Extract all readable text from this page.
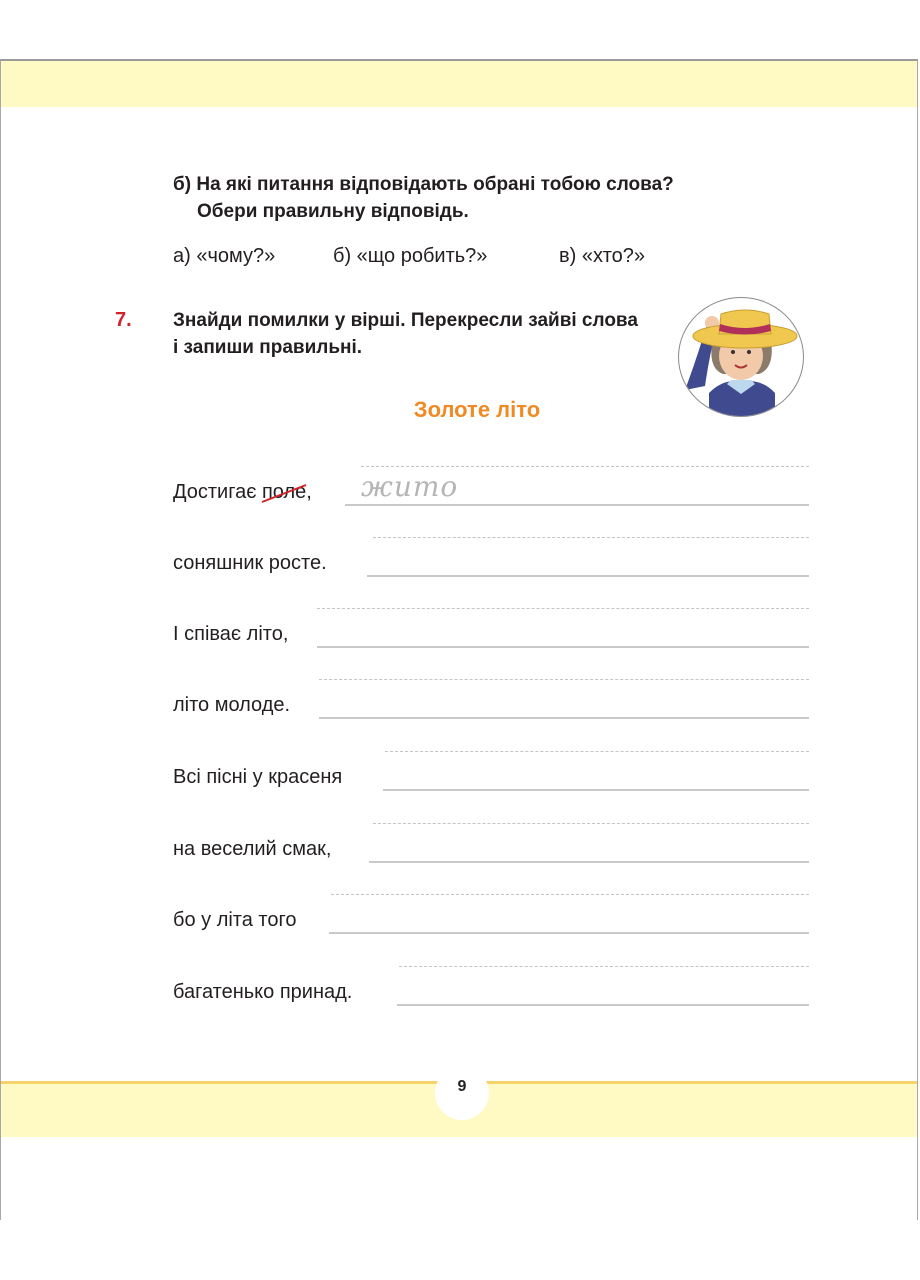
б) На які питання відповідають обрані тобою слова?
Обери правильну відповідь.
а) «чому?»	б) «що робить?»	в) «хто?»
7. Знайди помилки у вірші. Перекресли зайві слова
і запиши правильні.
Золоте літо
Достигає поле
, жито
соняшник росте.
І співає літо,
літо молоде.
Всі пісні у красеня
на веселий смак,
бо у літа того
багатенько принад.
9
